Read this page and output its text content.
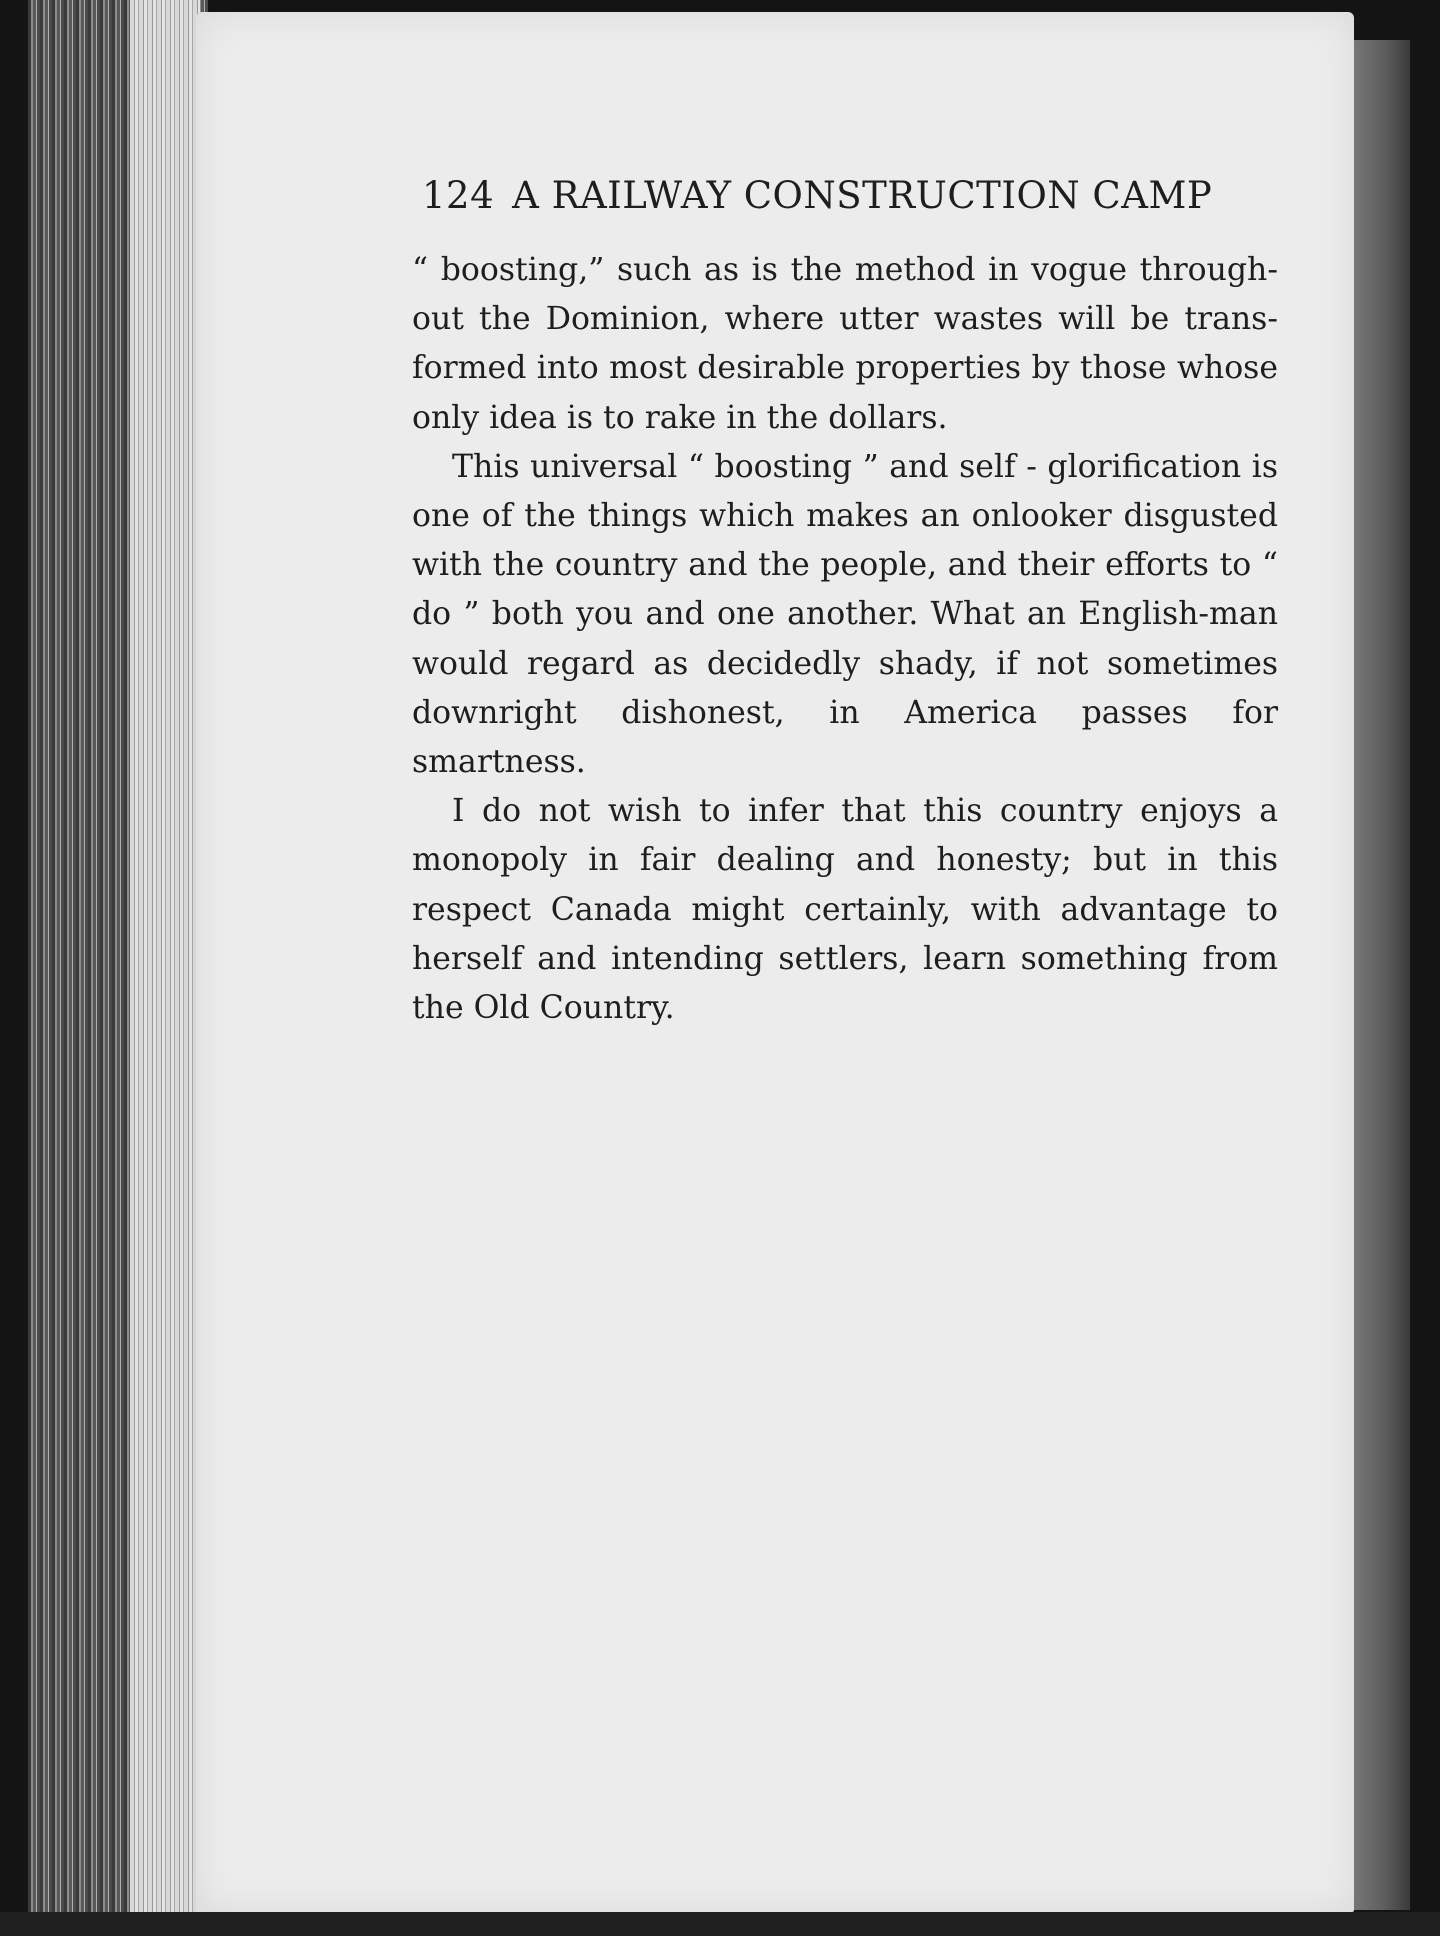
124 A RAILWAY CONSTRUCTION CAMP

“ boosting,” such as is the method in vogue through-out the Dominion, where utter wastes will be trans-formed into most desirable properties by those whose only idea is to rake in the dollars.

This universal “ boosting ” and self - glorification is one of the things which makes an onlooker disgusted with the country and the people, and their efforts to “ do ” both you and one another. What an English-man would regard as decidedly shady, if not sometimes downright dishonest, in America passes for smartness.

I do not wish to infer that this country enjoys a monopoly in fair dealing and honesty; but in this respect Canada might certainly, with advantage to herself and intending settlers, learn something from the Old Country.
